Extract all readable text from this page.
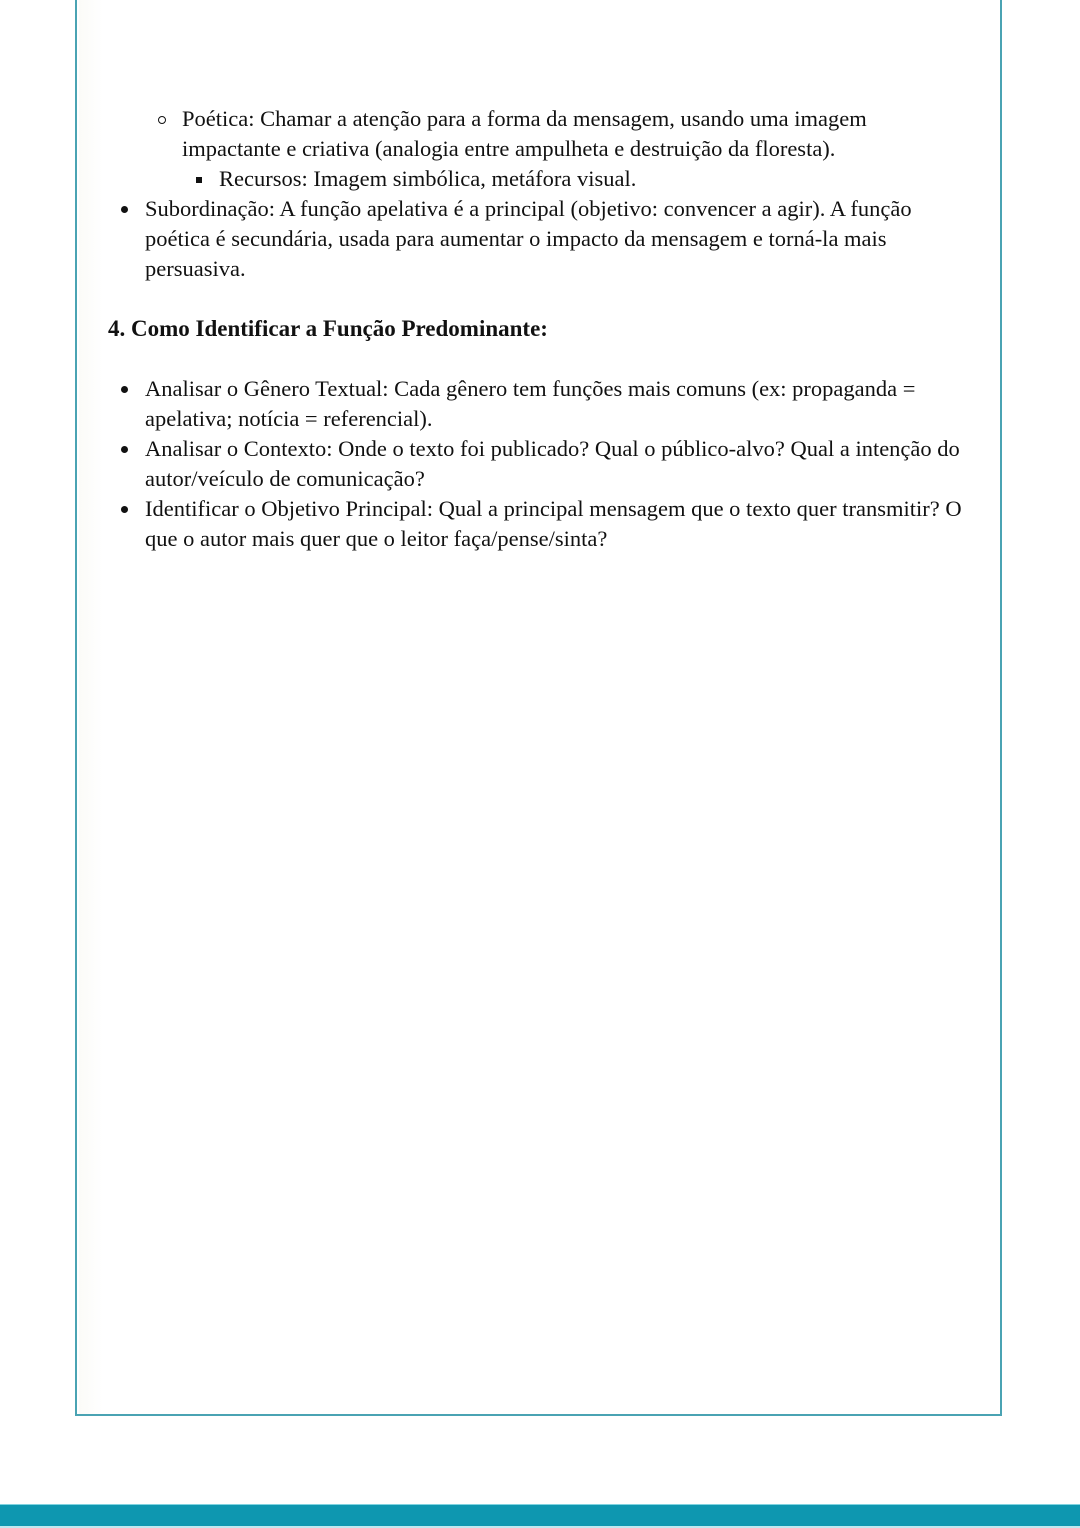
Poética: Chamar a atenção para a forma da mensagem, usando uma imagem impactante e criativa (analogia entre ampulheta e destruição da floresta).
Recursos: Imagem simbólica, metáfora visual.
Subordinação: A função apelativa é a principal (objetivo: convencer a agir). A função poética é secundária, usada para aumentar o impacto da mensagem e torná-la mais persuasiva.
4. Como Identificar a Função Predominante:
Analisar o Gênero Textual: Cada gênero tem funções mais comuns (ex: propaganda = apelativa; notícia = referencial).
Analisar o Contexto: Onde o texto foi publicado? Qual o público-alvo? Qual a intenção do autor/veículo de comunicação?
Identificar o Objetivo Principal: Qual a principal mensagem que o texto quer transmitir? O que o autor mais quer que o leitor faça/pense/sinta?
